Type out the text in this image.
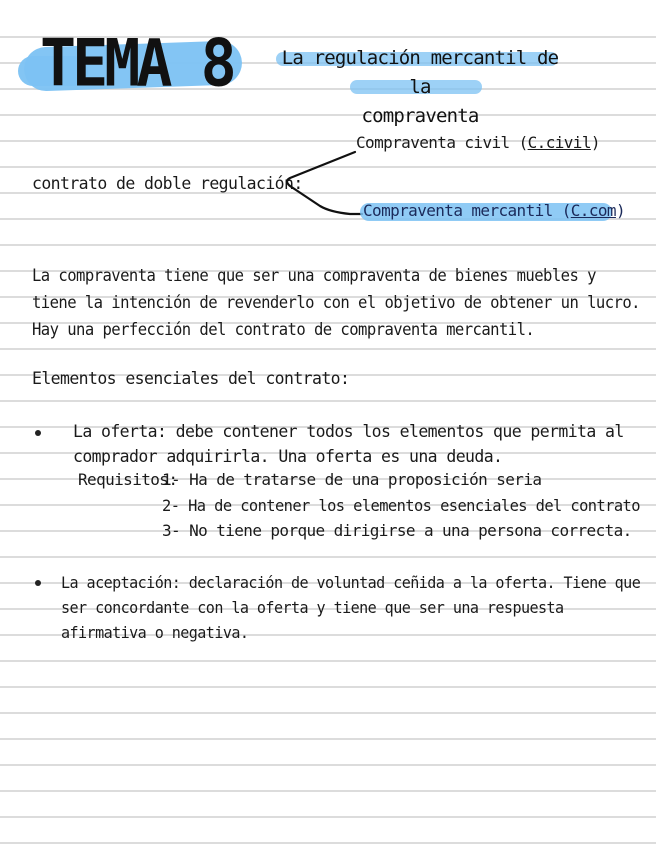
TEMA 8	La regulación mercantil de la
compraventa
contrato de doble regulación:
Compraventa civil (C.civil)
Compraventa mercantil (C.com)
La compraventa tiene que ser una compraventa de bienes muebles y
tiene la intención de revenderlo con el objetivo de obtener un lucro.
Hay una perfección del contrato de compraventa mercantil.
Elementos esenciales del contrato:
La oferta: debe contener todos los elementos que permita al
comprador adquirirla. Una oferta es una deuda.
Requisitos:
1- Ha de tratarse de una proposición seria
2- Ha de contener los elementos esenciales del contrato
3- No tiene porque dirigirse a una persona correcta.
La aceptación: declaración de voluntad ceñida a la oferta. Tiene que
ser concordante con la oferta y tiene que ser una respuesta
afirmativa o negativa.
